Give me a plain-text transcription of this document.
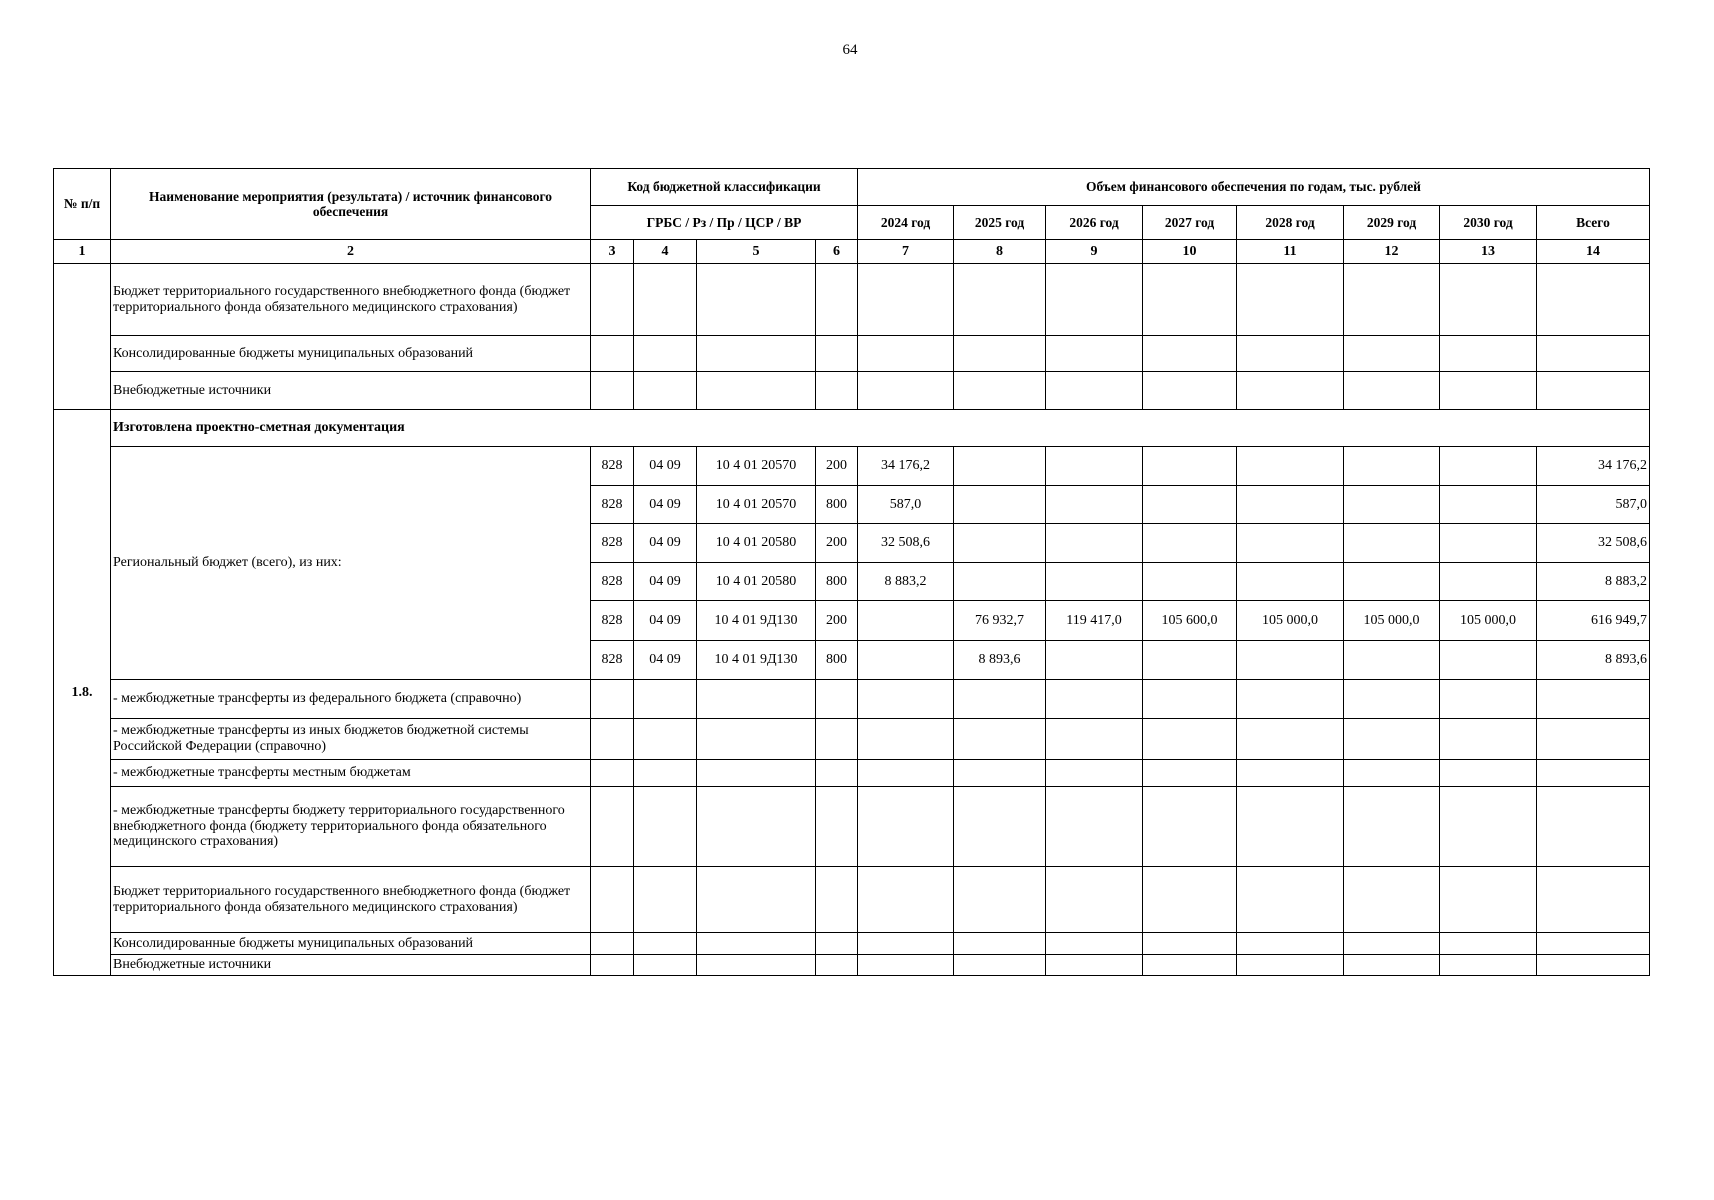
64
№ п/п	Наименование мероприятия (результата) / источник финансового обеспечения	Код бюджетной классификации				Объем финансового обеспечения по годам, тыс. рублей							
		ГРБС / Рз / Пр / ЦСР / ВР				2024 год	2025 год	2026 год	2027 год	2028 год	2029 год	2030 год	Всего
1	2	3	4	5	6	7	8	9	10	11	12	13	14
	Бюджет территориального государственного внебюджетного фонда (бюджет территориального фонда обязательного медицинского страхования)												
	Консолидированные бюджеты муниципальных образований												
	Внебюджетные источники												
1.8.	Изготовлена проектно-сметная документация												
	Региональный бюджет (всего), из них:	828	04 09	10 4 01 20570	200	34 176,2							34 176,2
		828	04 09	10 4 01 20570	800	587,0							587,0
		828	04 09	10 4 01 20580	200	32 508,6							32 508,6
		828	04 09	10 4 01 20580	800	8 883,2							8 883,2
		828	04 09	10 4 01 9Д130	200		76 932,7	119 417,0	105 600,0	105 000,0	105 000,0	105 000,0	616 949,7
		828	04 09	10 4 01 9Д130	800		8 893,6						8 893,6
	- межбюджетные трансферты из федерального бюджета (справочно)												
	- межбюджетные трансферты из иных бюджетов бюджетной системы Российской Федерации (справочно)												
	- межбюджетные трансферты местным бюджетам												
	- межбюджетные трансферты бюджету территориального государственного внебюджетного фонда (бюджету территориального фонда обязательного медицинского страхования)												
	Бюджет территориального государственного внебюджетного фонда (бюджет территориального фонда обязательного медицинского страхования)												
	Консолидированные бюджеты муниципальных образований												
	Внебюджетные источники												
